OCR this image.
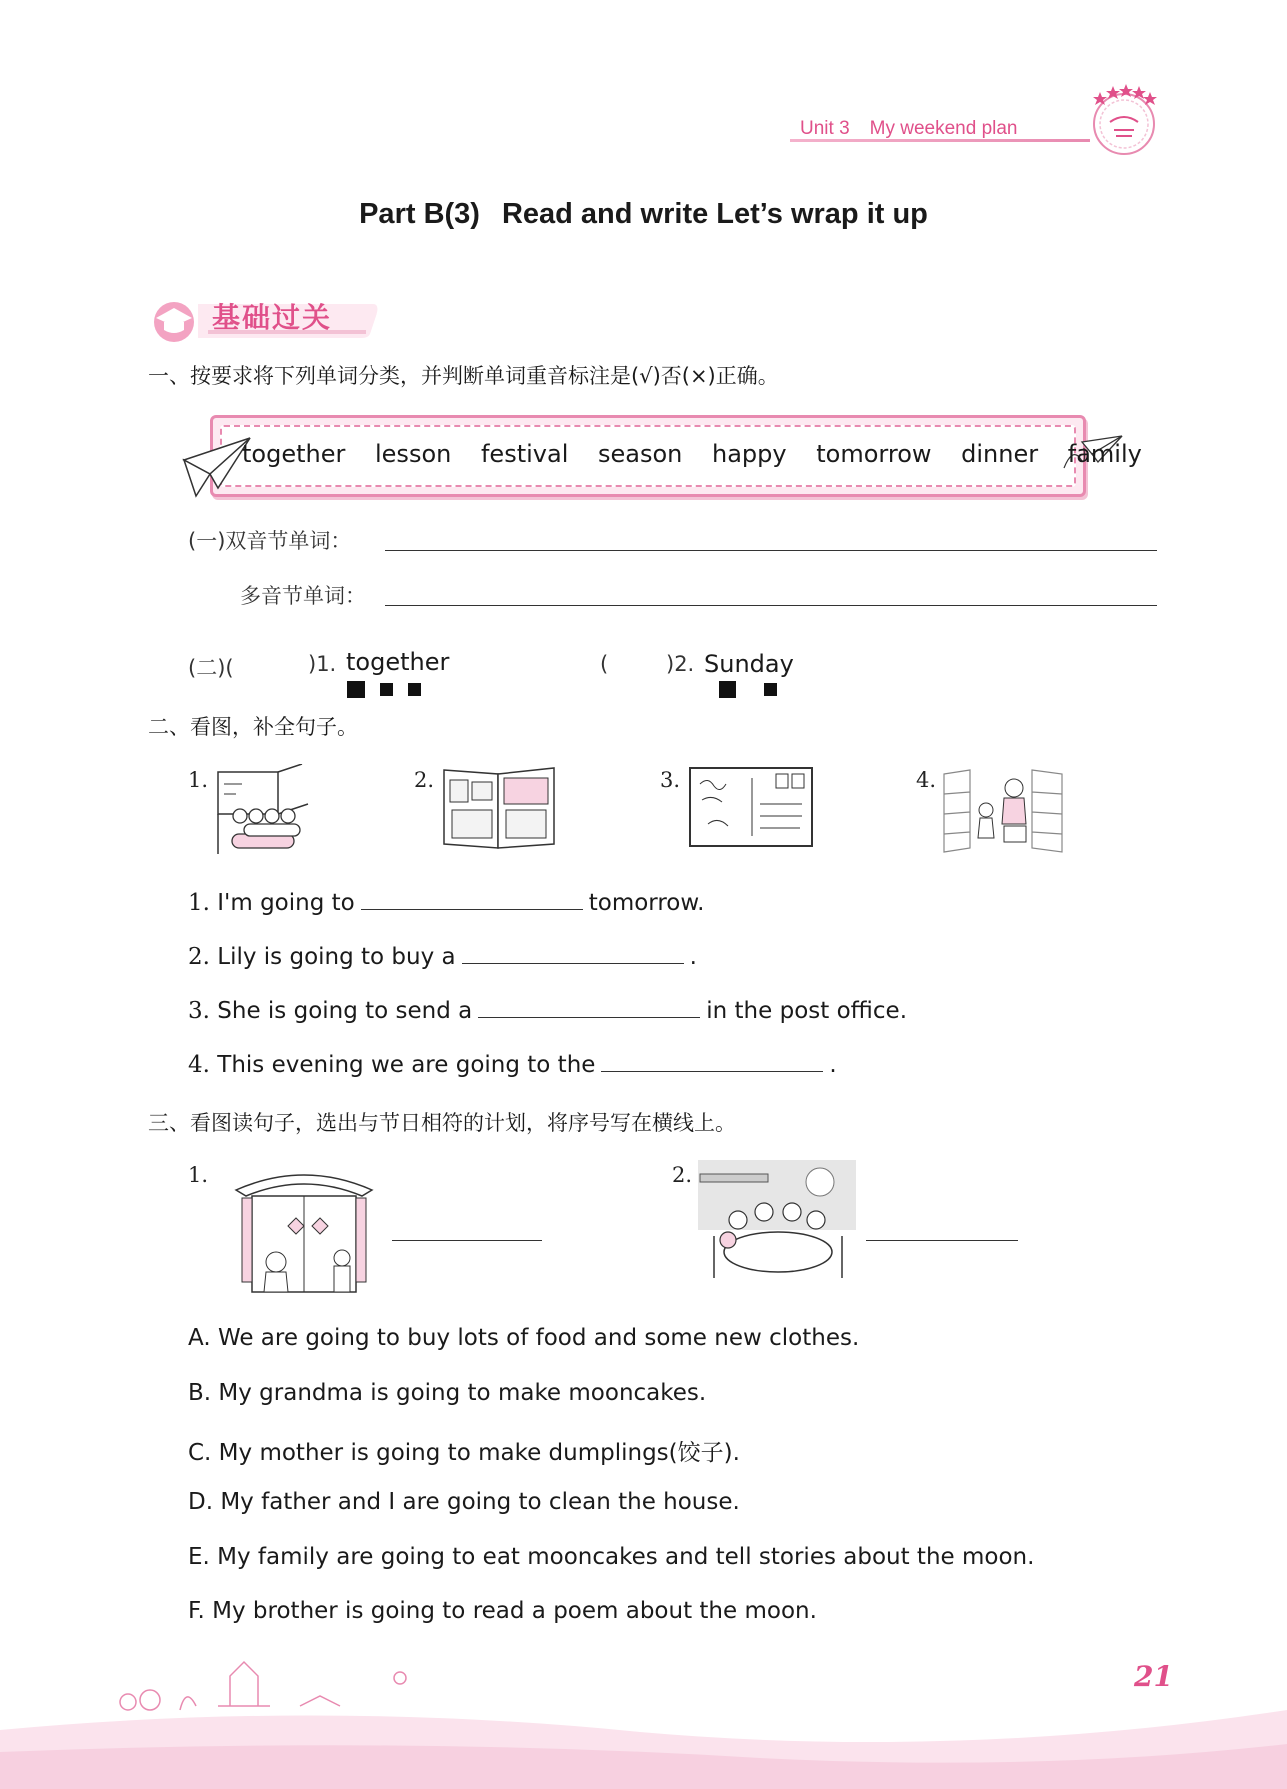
Unit 3 My weekend plan
Part B(3) Read and write Let’s wrap it up
基础过关
一、按要求将下列单词分类，并判断单词重音标注是(√)否(×)正确。
together lesson festival season happy tomorrow dinner family
(一)双音节单词：
多音节单词：
(二)(	)1. together	(	)2. Sunday
二、看图，补全句子。
1.	2.	3.	4.
1. I'm going to	tomorrow.
2. Lily is going to buy a	.
3. She is going to send a	in the post office.
4. This evening we are going to the	.
三、看图读句子，选出与节日相符的计划，将序号写在横线上。
1.	2.
A. We are going to buy lots of food and some new clothes.
B. My grandma is going to make mooncakes.
C. My mother is going to make dumplings(饺子).
D. My father and I are going to clean the house.
E. My family are going to eat mooncakes and tell stories about the moon.
F. My brother is going to read a poem about the moon.
21
